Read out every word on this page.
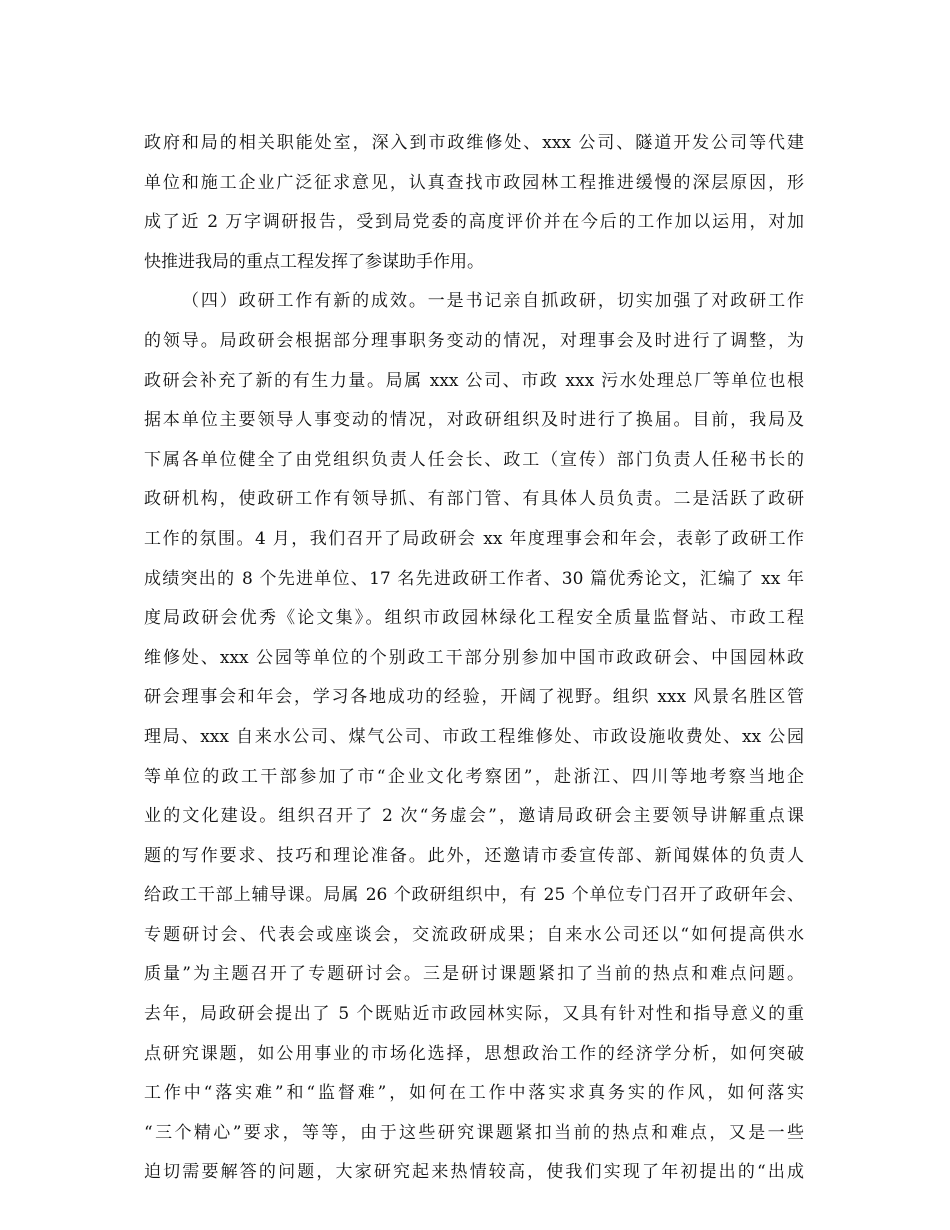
政府和局的相关职能处室，深入到市政维修处、xxx 公司、隧道开发公司等代建
单位和施工企业广泛征求意见，认真查找市政园林工程推进缓慢的深层原因，形
成了近 2 万字调研报告，受到局党委的高度评价并在今后的工作加以运用，对加
快推进我局的重点工程发挥了参谋助手作用。
（四）政研工作有新的成效。一是书记亲自抓政研，切实加强了对政研工作
的领导。局政研会根据部分理事职务变动的情况，对理事会及时进行了调整，为
政研会补充了新的有生力量。局属 xxx 公司、市政 xxx 污水处理总厂等单位也根
据本单位主要领导人事变动的情况，对政研组织及时进行了换届。目前，我局及
下属各单位健全了由党组织负责人任会长、政工（宣传）部门负责人任秘书长的
政研机构，使政研工作有领导抓、有部门管、有具体人员负责。二是活跃了政研
工作的氛围。4 月，我们召开了局政研会 xx 年度理事会和年会，表彰了政研工作
成绩突出的 8 个先进单位、17 名先进政研工作者、30 篇优秀论文，汇编了 xx 年
度局政研会优秀《论文集》。组织市政园林绿化工程安全质量监督站、市政工程
维修处、xxx 公园等单位的个别政工干部分别参加中国市政政研会、中国园林政
研会理事会和年会，学习各地成功的经验，开阔了视野。组织 xxx 风景名胜区管
理局、xxx 自来水公司、煤气公司、市政工程维修处、市政设施收费处、xx 公园
等单位的政工干部参加了市“企业文化考察团”，赴浙江、四川等地考察当地企
业的文化建设。组织召开了 2 次“务虚会”，邀请局政研会主要领导讲解重点课
题的写作要求、技巧和理论准备。此外，还邀请市委宣传部、新闻媒体的负责人
给政工干部上辅导课。局属 26 个政研组织中，有 25 个单位专门召开了政研年会、
专题研讨会、代表会或座谈会，交流政研成果；自来水公司还以“如何提高供水
质量”为主题召开了专题研讨会。三是研讨课题紧扣了当前的热点和难点问题。
去年，局政研会提出了 5 个既贴近市政园林实际，又具有针对性和指导意义的重
点研究课题，如公用事业的市场化选择，思想政治工作的经济学分析，如何突破
工作中“落实难”和“监督难”，如何在工作中落实求真务实的作风，如何落实
“三个精心”要求，等等，由于这些研究课题紧扣当前的热点和难点，又是一些
迫切需要解答的问题，大家研究起来热情较高，使我们实现了年初提出的“出成
